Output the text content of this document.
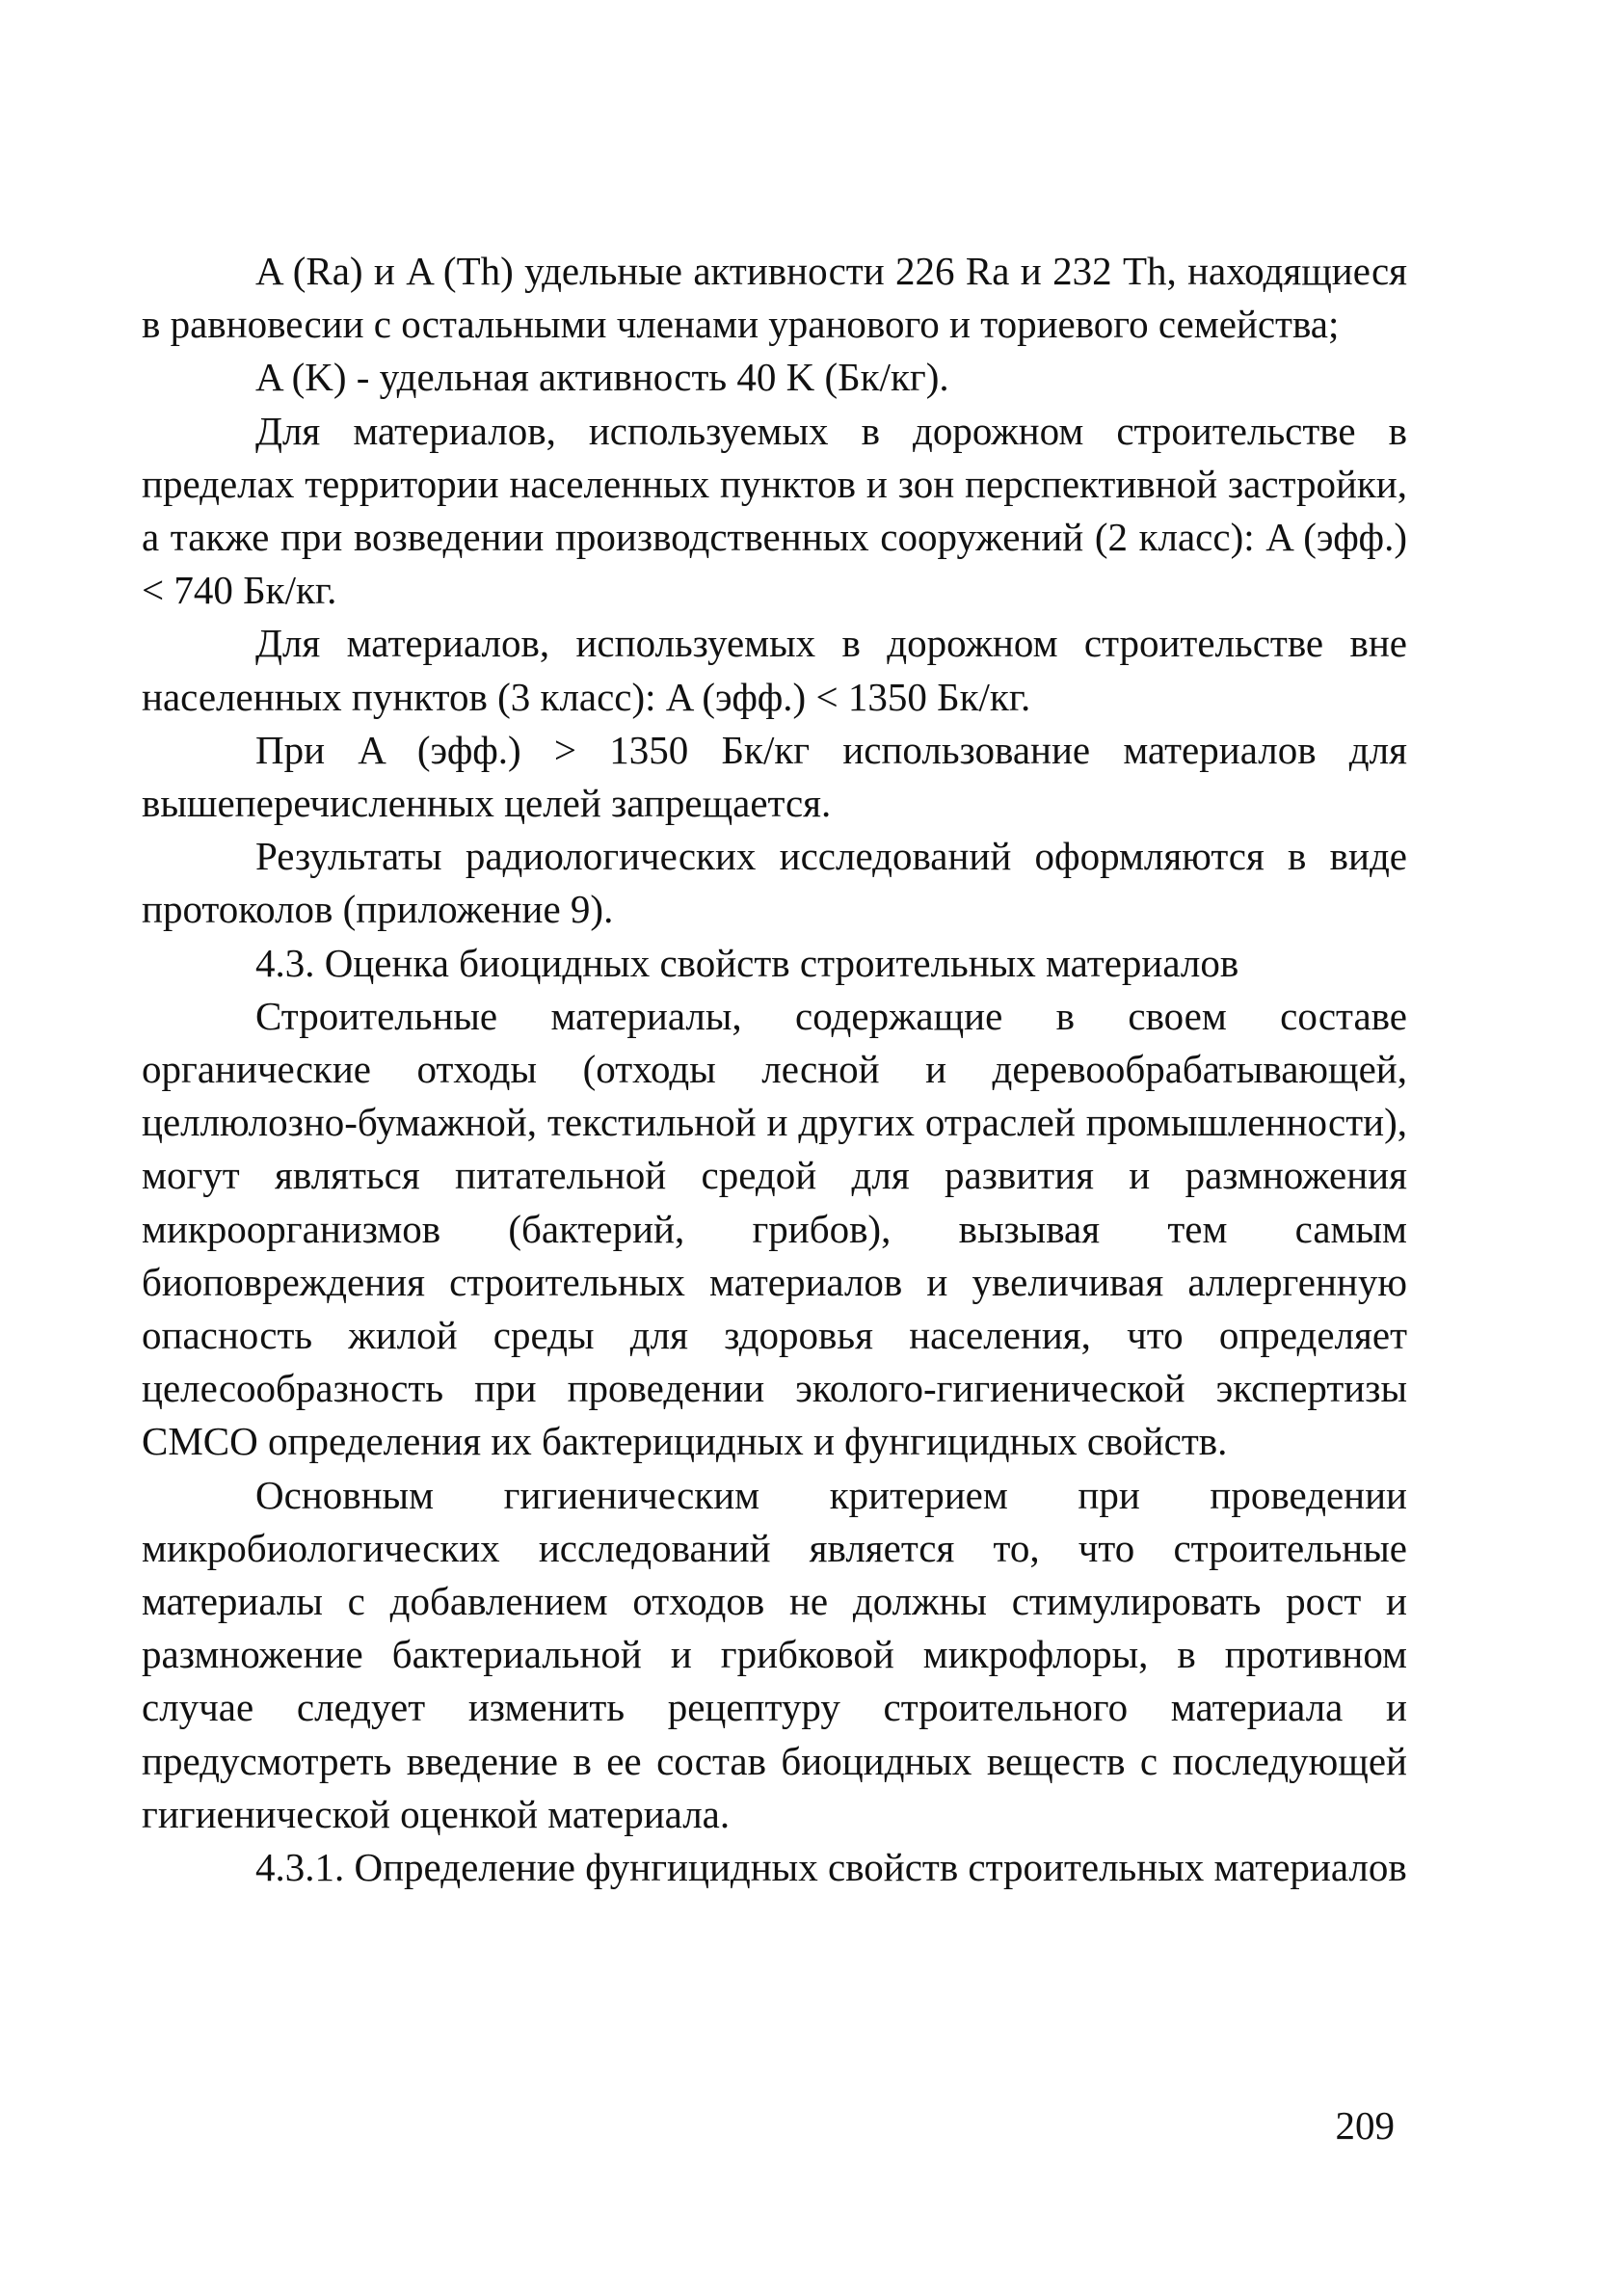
A (Ra) и A (Th) удельные активности 226 Ra и 232 Th, находящиеся в равновесии с остальными членами уранового и ториевого семейства;

A (K) - удельная активность 40 K (Бк/кг).

Для материалов, используемых в дорожном строительстве в пределах территории населенных пунктов и зон перспективной застройки, а также при возведении производственных сооружений (2 класс): A (эфф.) < 740 Бк/кг.

Для материалов, используемых в дорожном строительстве вне населенных пунктов (3 класс): A (эфф.) < 1350 Бк/кг.

При A (эфф.) > 1350 Бк/кг использование материалов для вышеперечисленных целей запрещается.

Результаты радиологических исследований оформляются в виде протоколов (приложение 9).

4.3. Оценка биоцидных свойств строительных материалов

Строительные материалы, содержащие в своем составе органические отходы (отходы лесной и деревообрабатывающей, целлюлозно-бумажной, текстильной и других отраслей промышленности), могут являться питательной средой для развития и размножения микроорганизмов (бактерий, грибов), вызывая тем самым биоповреждения строительных материалов и увеличивая аллергенную опасность жилой среды для здоровья населения, что определяет целесообразность при проведении эколого-гигиенической экспертизы СМСО определения их бактерицидных и фунгицидных свойств.

Основным гигиеническим критерием при проведении микробиологических исследований является то, что строительные материалы с добавлением отходов не должны стимулировать рост и размножение бактериальной и грибковой микрофлоры, в противном случае следует изменить рецептуру строительного материала и предусмотреть введение в ее состав биоцидных веществ с последующей гигиенической оценкой материала.

4.3.1. Определение фунгицидных свойств строительных материалов

209
